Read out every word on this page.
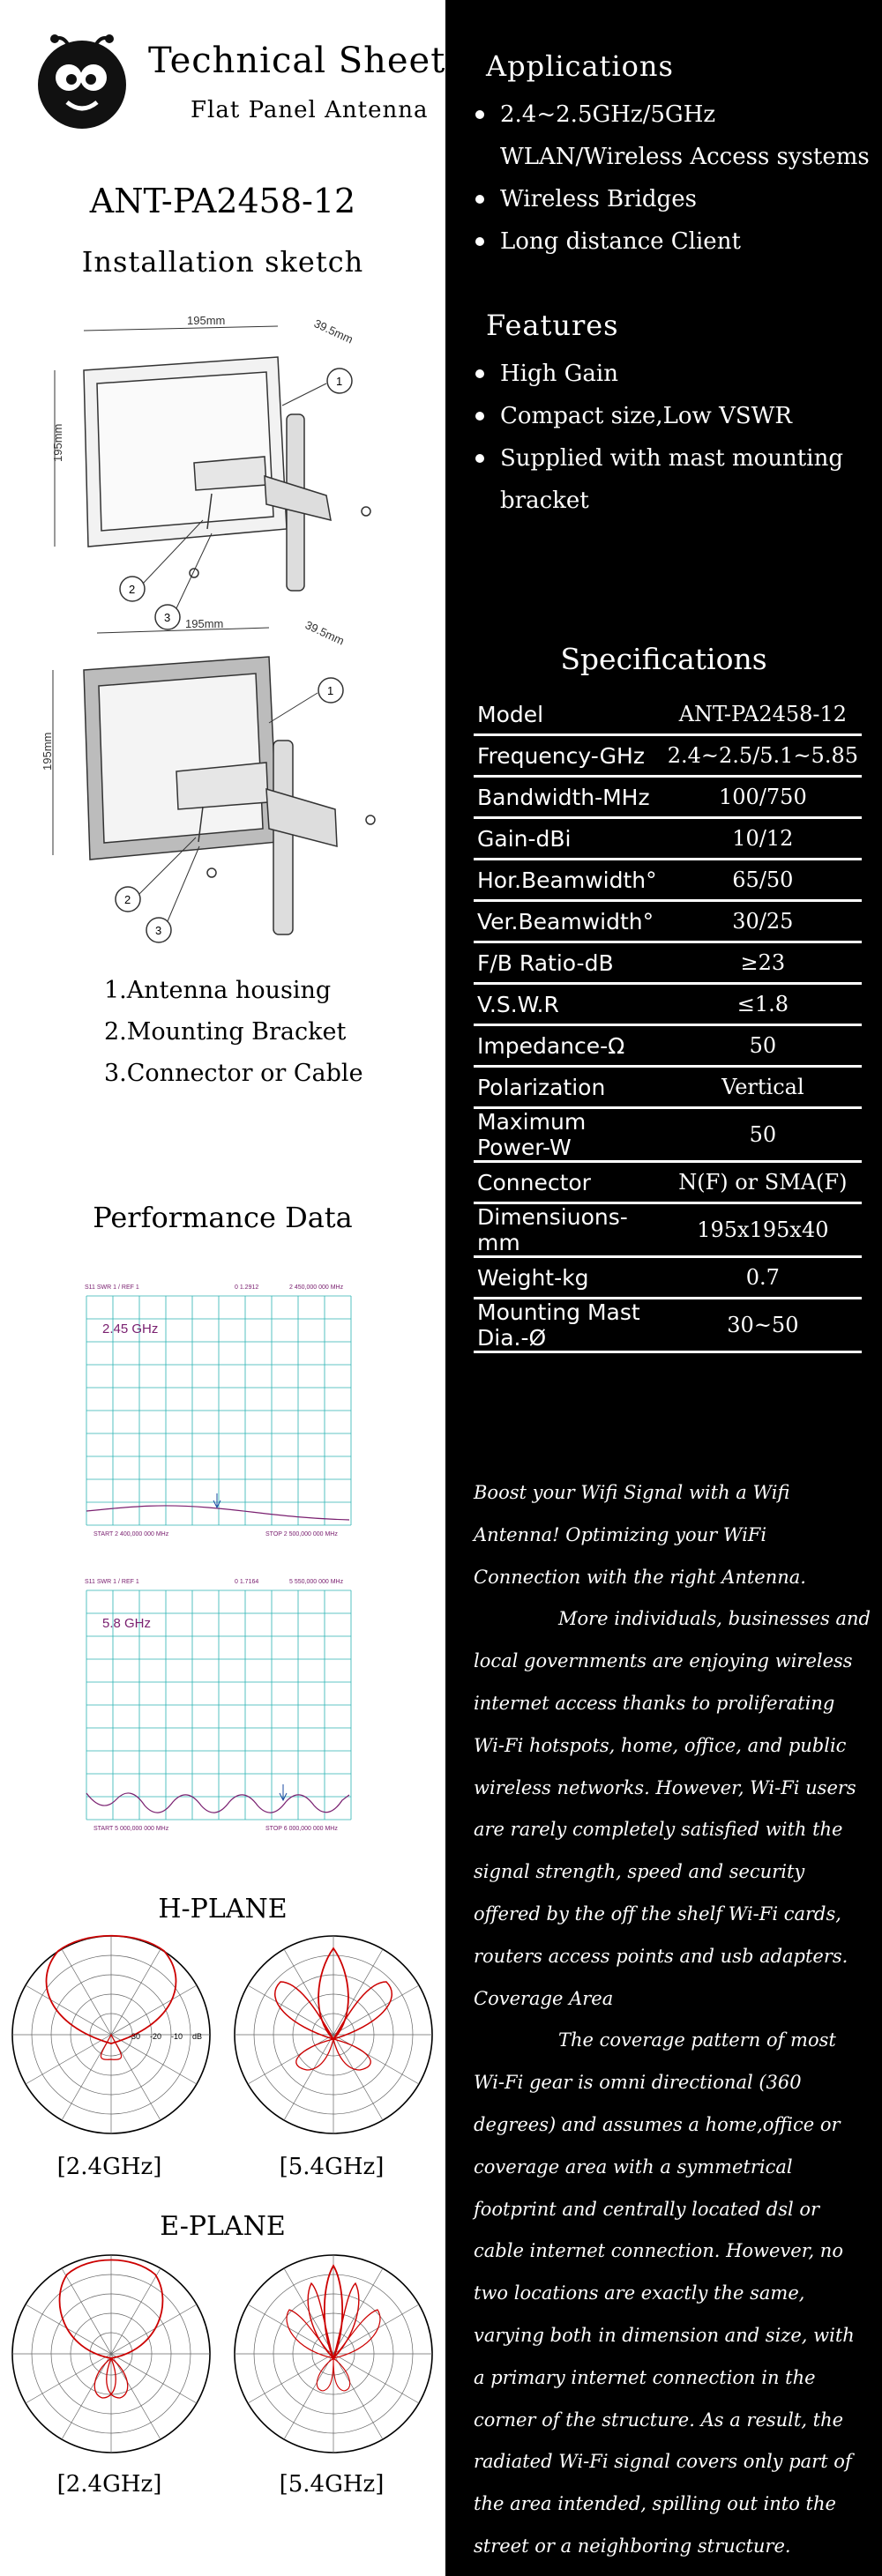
Technical Sheet
Flat Panel Antenna
ANT-PA2458-12
Installation sketch
195mm
195mm
39.5mm
1
2
3 195mm
195mm
39.5mm
1
2
3
1.Antenna housing
2.Mounting Bracket
3.Connector or Cable
Performance Data
S11 SWR 1 / REF 1	0 1.2912	2 450,000 000 MHz
2.45 GHz
START 2 400,000 000 MHz	STOP 2 500,000 000 MHz
S11 SWR 1 / REF 1	0 1.7164	5 550,000 000 MHz
5.8 GHz
START 5 000,000 000 MHz	STOP 6 000,000 000 MHz
H-PLANE
-30 -20 -10 dB
[2.4GHz]	[5.4GHz]
E-PLANE
[2.4GHz]	[5.4GHz]
Applications
2.4~2.5GHz/5GHz
WLAN/Wireless Access systems
Wireless Bridges
Long distance Client
Features
High Gain
Compact size,Low VSWR
Supplied with mast mounting
bracket
Specifications
Model	ANT-PA2458-12
Frequency-GHz	2.4~2.5/5.1~5.85
Bandwidth-MHz	100/750
Gain-dBi	10/12
Hor.Beamwidth°	65/50
Ver.Beamwidth°	30/25
F/B Ratio-dB	≥23
V.S.W.R	≤1.8
Impedance-Ω	50
Polarization	Vertical
Maximum Power-W	50
Connector	N(F) or SMA(F)
Dimensiuons-mm	195x195x40
Weight-kg	0.7
Mounting Mast Dia.-Ø	30~50

Boost your Wifi Signal with a Wifi Antenna! Optimizing your WiFi Connection with the right Antenna.

More individuals, businesses and local governments are enjoying wireless internet access thanks to proliferating Wi-Fi hotspots, home, office, and public wireless networks. However, Wi-Fi users are rarely completely satisfied with the signal strength, speed and security offered by the off the shelf Wi-Fi cards, routers access points and usb adapters.

Coverage Area

The coverage pattern of most Wi-Fi gear is omni directional (360 degrees) and assumes a home,office or coverage area with a symmetrical footprint and centrally located dsl or cable internet connection. However, no two locations are exactly the same, varying both in dimension and size, with a primary internet connection in the corner of the structure. As a result, the radiated Wi-Fi signal covers only part of the area intended, spilling out into the street or a neighboring structure.
